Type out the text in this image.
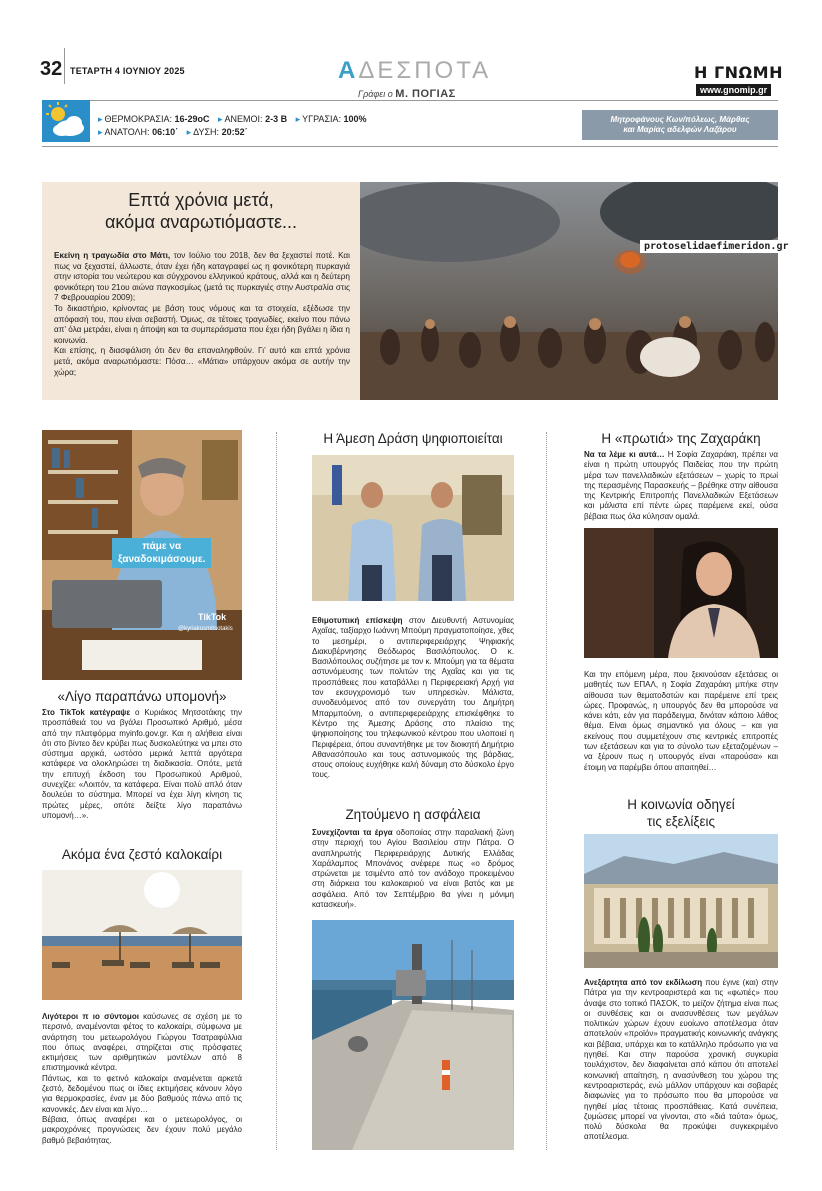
32 ΤΕΤΑΡΤΗ 4 ΙΟΥΝΙΟΥ 2025	ΑΔΕΣΠΟΤΑ
Γράφει ο Μ. ΠΟΓΙΑΣ
Η ΓΝΩΜΗ
www.gnomip.gr
▸ ΘΕΡΜΟΚΡΑΣΙΑ: 16-29οC ▸ ΑΝΕΜΟΙ: 2-3 Β ▸ ΥΓΡΑΣΙΑ: 100%
▸ ΑΝΑΤΟΛΗ: 06:10΄ ▸ ΔΥΣΗ: 20:52΄
Μητροφάνους Κων/πόλεως, Μάρθας
και Μαρίας αδελφών Λαζάρου
Επτά χρόνια μετά,
ακόμα αναρωτιόμαστε...

Εκείνη η τραγωδία στο Μάτι, τον Ιούλιο του 2018, δεν θα ξεχαστεί ποτέ. Και πως να ξεχαστεί, άλλωστε, όταν έχει ήδη καταγραφεί ως η φονικότερη πυρκαγιά στην ιστορία του νεώτερου και σύγχρονου ελληνικού κράτους, αλλά και η δεύτερη φονικότερη του 21ου αιώνα παγκοσμίως (μετά τις πυρκαγιές στην Αυστραλία στις 7 Φεβρουαρίου 2009);

Το δικαστήριο, κρίνοντας με βάση τους νόμους και τα στοιχεία, εξέδωσε την απόφασή του, που είναι σεβαστή. Όμως, σε τέτοιες τραγωδίες, εκείνο που πάνω απ’ όλα μετράει, είναι η άποψη και τα συμπεράσματα που έχει ήδη βγάλει η ίδια η κοινωνία.

Και επίσης, η διασφάλιση ότι δεν θα επαναληφθούν. Γι’ αυτό και επτά χρόνια μετά, ακόμα αναρωτιόμαστε: Πόσα… «Μάτια» υπάρχουν ακόμα σε αυτήν την χώρα;

protoselidaefimeridon.gr
πάμε να
ξαναδοκιμάσουμε.
TikTok
@kyriakosmitsotakis
«Λίγο παραπάνω υπομονή»
Στο TikTok κατέγραψε ο Κυριάκος Μητσοτάκης την προσπάθειά του να βγάλει Προσωπικό Αριθμό, μέσα από την πλατφόρμα myinfo.gov.gr. Και η αλήθεια είναι ότι στο βίντεο δεν κρύβει πως δυσκολεύτηκε να μπει στο σύστημα αρχικά, ωστόσο μερικά λεπτά αργότερα κατάφερε να ολοκληρώσει τη διαδικασία. Οπότε, μετά την επιτυχή έκδοση του Προσωπικού Αριθμού, συνεχίζει: «Λοιπόν, τα κατάφερα. Είναι πολύ απλό όταν δουλεύει το σύστημα. Μπορεί να έχει λίγη κίνηση τις πρώτες μέρες, οπότε δείξτε λίγο παραπάνω υπομονή…».
Ακόμα ένα ζεστό καλοκαίρι

Λιγότεροι π ιο σύντομοι καύσωνες σε σχέση με το περσινό, αναμένονται φέτος το καλοκαίρι, σύμφωνα με ανάρτηση του μετεωρολόγου Γιώργου Τσατραφύλλια που όπως αναφέρει, στηρίζεται στις πρόσφατες εκτιμήσεις των αριθμητικών μοντέλων από 8 επιστημονικά κέντρα.

Πάντως, και το φετινό καλοκαίρι αναμένεται αρκετά ζεστό, δεδομένου πως οι ίδιες εκτιμήσεις κάνουν λόγο για θερμοκρασίες, έναν με δύο βαθμούς πάνω από τις κανονικές. Δεν είναι και λίγο…

Βέβαια, όπως αναφέρει και ο μετεωρολόγος, οι μακροχρόνιες προγνώσεις δεν έχουν πολύ μεγάλο βαθμό βεβαιότητας.

Η Άμεση Δράση ψηφιοποιείται
Εθιμοτυπική επίσκεψη στον Διευθυντή Αστυνομίας Αχαΐας, ταξίαρχο Ιωάννη Μπούμη πραγματοποίησε, χθες το μεσημέρι, ο αντιπεριφερειάρχης Ψηφιακής Διακυβέρνησης Θεόδωρος Βασιλόπουλος. Ο κ. Βασιλόπουλος συζήτησε με τον κ. Μπούμη για τα θέματα αστυνόμευσης των πολιτών της Αχαΐας και για τις προσπάθειες που καταβάλλει η Περιφερειακή Αρχή για τον εκσυγχρονισμό των υπηρεσιών. Μάλιστα, συνοδευόμενος από τον συνεργάτη του Δημήτρη Μπαρμπούνη, ο αντιπεριφερειάρχης επισκέφθηκε το Κέντρο της Άμεσης Δράσης στο πλαίσιο της ψηφιοποίησης του τηλεφωνικού κέντρου που υλοποιεί η Περιφέρεια, όπου συναντήθηκε με τον διοικητή Δημήτριο Αθανασόπουλο και τους αστυνομικούς της βάρδιας, στους οποίους ευχήθηκε καλή δύναμη στο δύσκολο έργο τους.
Ζητούμενο η ασφάλεια
Συνεχίζονται τα έργα οδοποιίας στην παραλιακή ζώνη στην περιοχή του Αγίου Βασιλείου στην Πάτρα. Ο αναπληρωτής Περιφερειάρχης Δυτικής Ελλάδας Χαράλαμπος Μπονάνος ανέφερε πως «ο δρόμος στρώνεται με τσιμέντο από τον ανάδοχο προκειμένου στη διάρκεια του καλοκαιριού να είναι βατός και με ασφάλεια. Από τον Σεπτέμβριο θα γίνει η μόνιμη κατασκευή».
Η «πρωτιά» της Ζαχαράκη
Να τα λέμε κι αυτά… Η Σοφία Ζαχαράκη, πρέπει να είναι η πρώτη υπουργός Παιδείας που την πρώτη μέρα των πανελλαδικών εξετάσεων – χωρίς το πρωί της περασμένης Παρασκευής – βρέθηκε στην αίθουσα της Κεντρικής Επιτροπής Πανελλαδικών Εξετάσεων και μάλιστα επί πέντε ώρες παρέμεινε εκεί, ούσα βέβαια πως όλα κύλησαν ομαλά.
Και την επόμενη μέρα, που ξεκινούσαν εξετάσεις οι μαθητές των ΕΠΑΛ, η Σοφία Ζαχαράκη μπήκε στην αίθουσα των θεματοδοτών και παρέμεινε επί τρεις ώρες. Προφανώς, η υπουργός δεν θα μπορούσε να κάνει κάτι, εάν για παράδειγμα, δινόταν κάποιο λάθος θέμα. Είναι όμως σημαντικό για όλους – και για εκείνους που συμμετέχουν στις κεντρικές επιτροπές των εξετάσεων και για το σύνολο των εξεταζομένων – να ξέρουν πως η υπουργός είναι «παρούσα» και έτοιμη να παρέμβει όπου απαιτηθεί…
Η κοινωνία οδηγεί
τις εξελίξεις
Ανεξάρτητα από τον εκδίλωση που έγινε (και) στην Πάτρα για την κεντροαριστερά και τις «φωτιές» που άναψε στο τοπικό ΠΑΣΟΚ, το μείζον ζήτημα είναι πως οι συνθέσεις και οι ανασυνθέσεις των μεγάλων πολιτικών χώρων έχουν ευοίωνο αποτέλεσμα όταν αποτελούν «προϊόν» πραγματικής κοινωνικής ανάγκης και βέβαια, υπάρχει και το κατάλληλο πρόσωπο για να ηγηθεί. Και στην παρούσα χρονική συγκυρία τουλάχιστον, δεν διαφαίνεται από κάπου ότι αποτελεί κοινωνική απαίτηση, η ανασύνθεση του χώρου της κεντροαριστεράς, ενώ μάλλον υπάρχουν και σοβαρές διαφωνίες για το πρόσωπο που θα μπορούσε να ηγηθεί μίας τέτοιας προσπάθειας. Κατά συνέπεια, ζυμώσεις μπορεί να γίνονται, στο «διά ταύτα» όμως, πολύ δύσκολα θα προκύψει συγκεκριμένο αποτέλεσμα.
